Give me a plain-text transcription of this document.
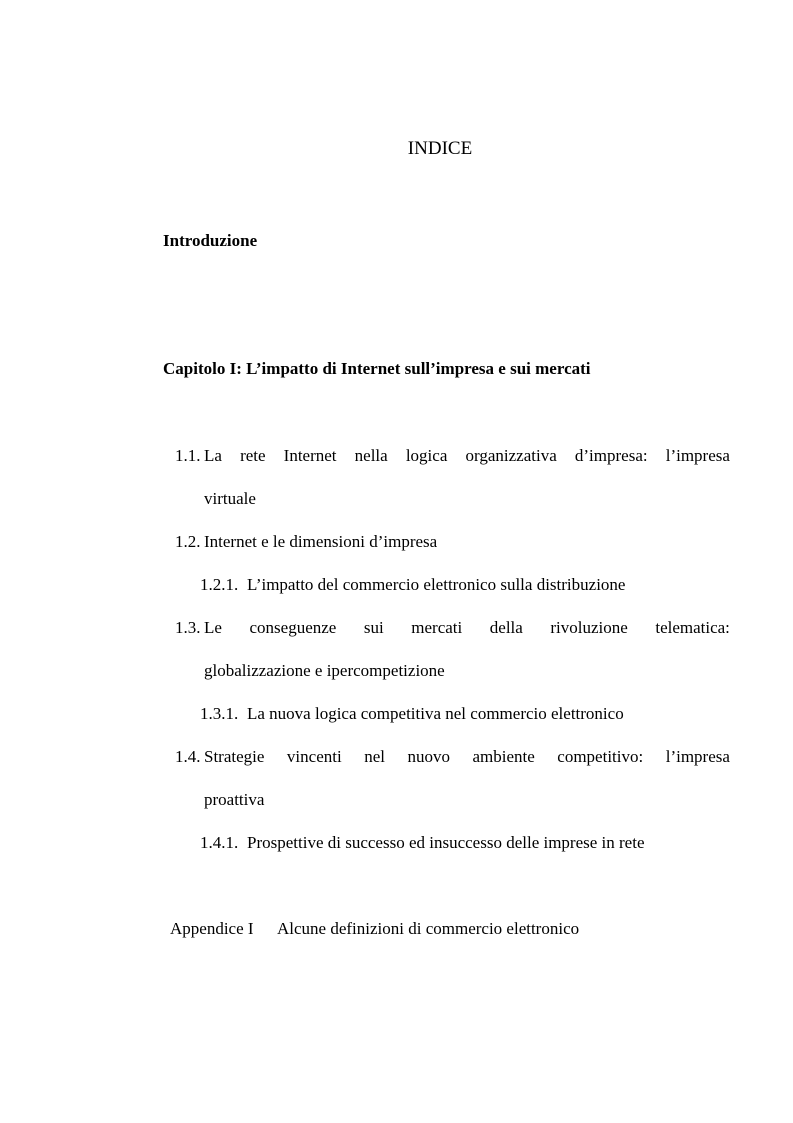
INDICE
Introduzione
Capitolo I: L’impatto di Internet sull’impresa e sui mercati
1.1. La rete Internet nella logica organizzativa d’impresa: l’impresa
virtuale
1.2. Internet e le dimensioni d’impresa
1.2.1. L’impatto del commercio elettronico sulla distribuzione
1.3. Le conseguenze sui mercati della rivoluzione telematica:
globalizzazione e ipercompetizione
1.3.1. La nuova logica competitiva nel commercio elettronico
1.4. Strategie vincenti nel nuovo ambiente competitivo: l’impresa
proattiva
1.4.1. Prospettive di successo ed insuccesso delle imprese in rete
Appendice I Alcune definizioni di commercio elettronico
